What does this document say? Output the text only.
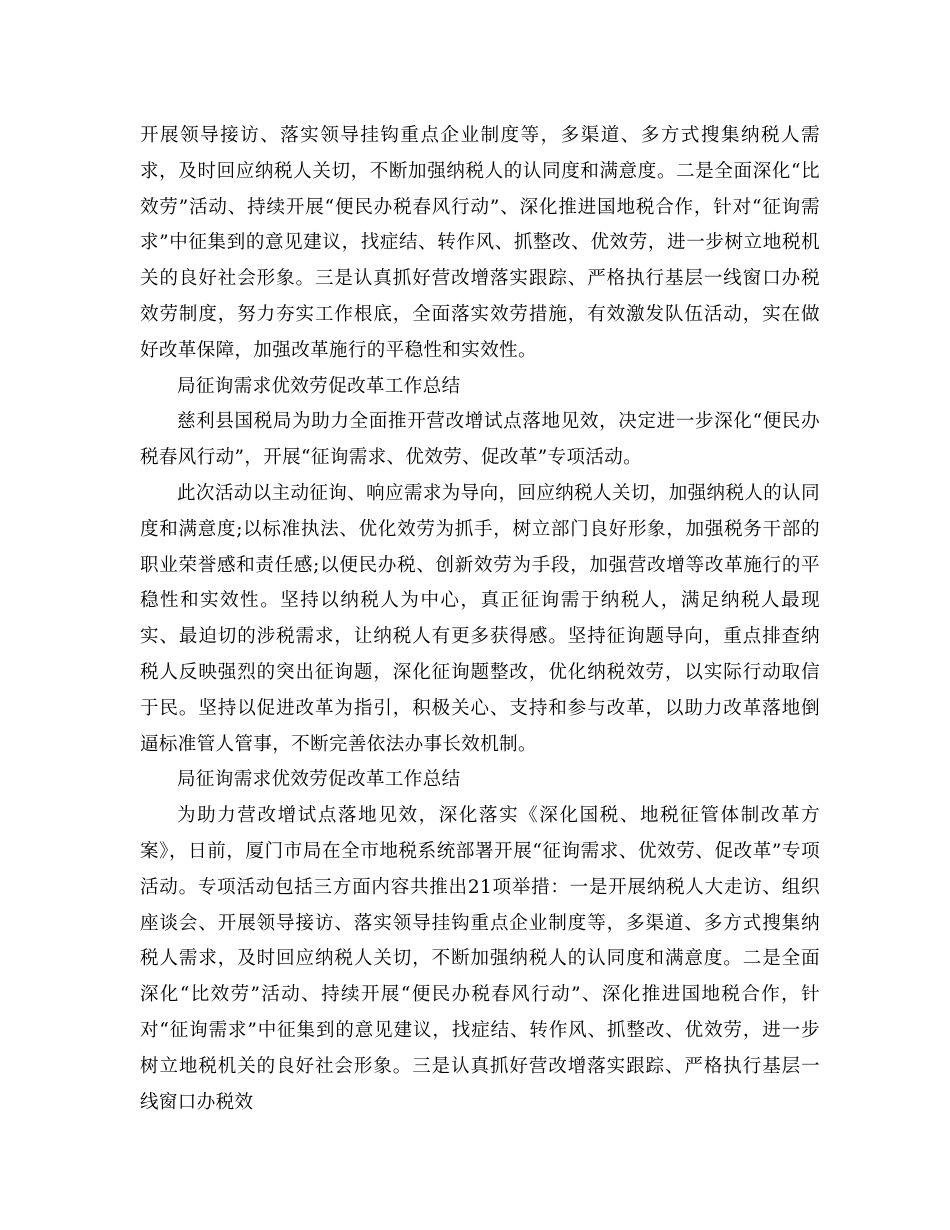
开展领导接访、落实领导挂钩重点企业制度等，多渠道、多方式搜集纳税人需求，及时回应纳税人关切，不断加强纳税人的认同度和满意度。二是全面深化“比效劳”活动、持续开展“便民办税春风行动”、深化推进国地税合作，针对“征询需求”中征集到的意见建议，找症结、转作风、抓整改、优效劳，进一步树立地税机关的良好社会形象。三是认真抓好营改增落实跟踪、严格执行基层一线窗口办税效劳制度，努力夯实工作根底，全面落实效劳措施，有效激发队伍活动，实在做好改革保障，加强改革施行的平稳性和实效性。

局征询需求优效劳促改革工作总结

慈利县国税局为助力全面推开营改增试点落地见效，决定进一步深化“便民办税春风行动”，开展“征询需求、优效劳、促改革”专项活动。

此次活动以主动征询、响应需求为导向，回应纳税人关切，加强纳税人的认同度和满意度;以标准执法、优化效劳为抓手，树立部门良好形象，加强税务干部的职业荣誉感和责任感;以便民办税、创新效劳为手段，加强营改增等改革施行的平稳性和实效性。坚持以纳税人为中心，真正征询需于纳税人，满足纳税人最现实、最迫切的涉税需求，让纳税人有更多获得感。坚持征询题导向，重点排查纳税人反映强烈的突出征询题，深化征询题整改，优化纳税效劳，以实际行动取信于民。坚持以促进改革为指引，积极关心、支持和参与改革，以助力改革落地倒逼标准管人管事，不断完善依法办事长效机制。

局征询需求优效劳促改革工作总结

为助力营改增试点落地见效，深化落实《深化国税、地税征管体制改革方案》，日前，厦门市局在全市地税系统部署开展“征询需求、优效劳、促改革”专项活动。专项活动包括三方面内容共推出21项举措：一是开展纳税人大走访、组织座谈会、开展领导接访、落实领导挂钩重点企业制度等，多渠道、多方式搜集纳税人需求，及时回应纳税人关切，不断加强纳税人的认同度和满意度。二是全面深化“比效劳”活动、持续开展“便民办税春风行动”、深化推进国地税合作，针对“征询需求”中征集到的意见建议，找症结、转作风、抓整改、优效劳，进一步树立地税机关的良好社会形象。三是认真抓好营改增落实跟踪、严格执行基层一线窗口办税效
